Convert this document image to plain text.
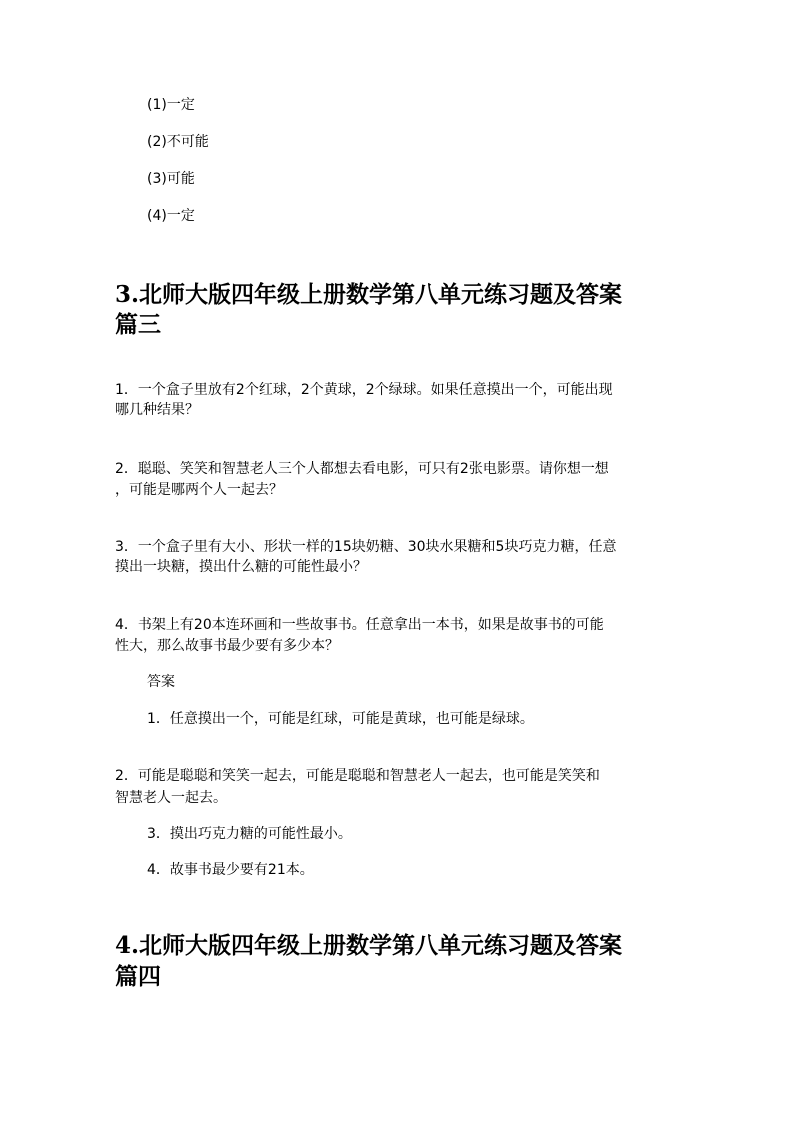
(1)一定
(2)不可能
(3)可能
(4)一定
3.北师大版四年级上册数学第八单元练习题及答案
篇三
1．一个盒子里放有2个红球，2个黄球，2个绿球。如果任意摸出一个，可能出现
哪几种结果？
2．聪聪、笑笑和智慧老人三个人都想去看电影，可只有2张电影票。请你想一想
，可能是哪两个人一起去？
3．一个盒子里有大小、形状一样的15块奶糖、30块水果糖和5块巧克力糖，任意
摸出一块糖，摸出什么糖的可能性最小？
4．书架上有20本连环画和一些故事书。任意拿出一本书，如果是故事书的可能
性大，那么故事书最少要有多少本？
答案
1．任意摸出一个，可能是红球，可能是黄球，也可能是绿球。
2．可能是聪聪和笑笑一起去，可能是聪聪和智慧老人一起去，也可能是笑笑和
智慧老人一起去。
3．摸出巧克力糖的可能性最小。
4．故事书最少要有21本。
4.北师大版四年级上册数学第八单元练习题及答案
篇四
